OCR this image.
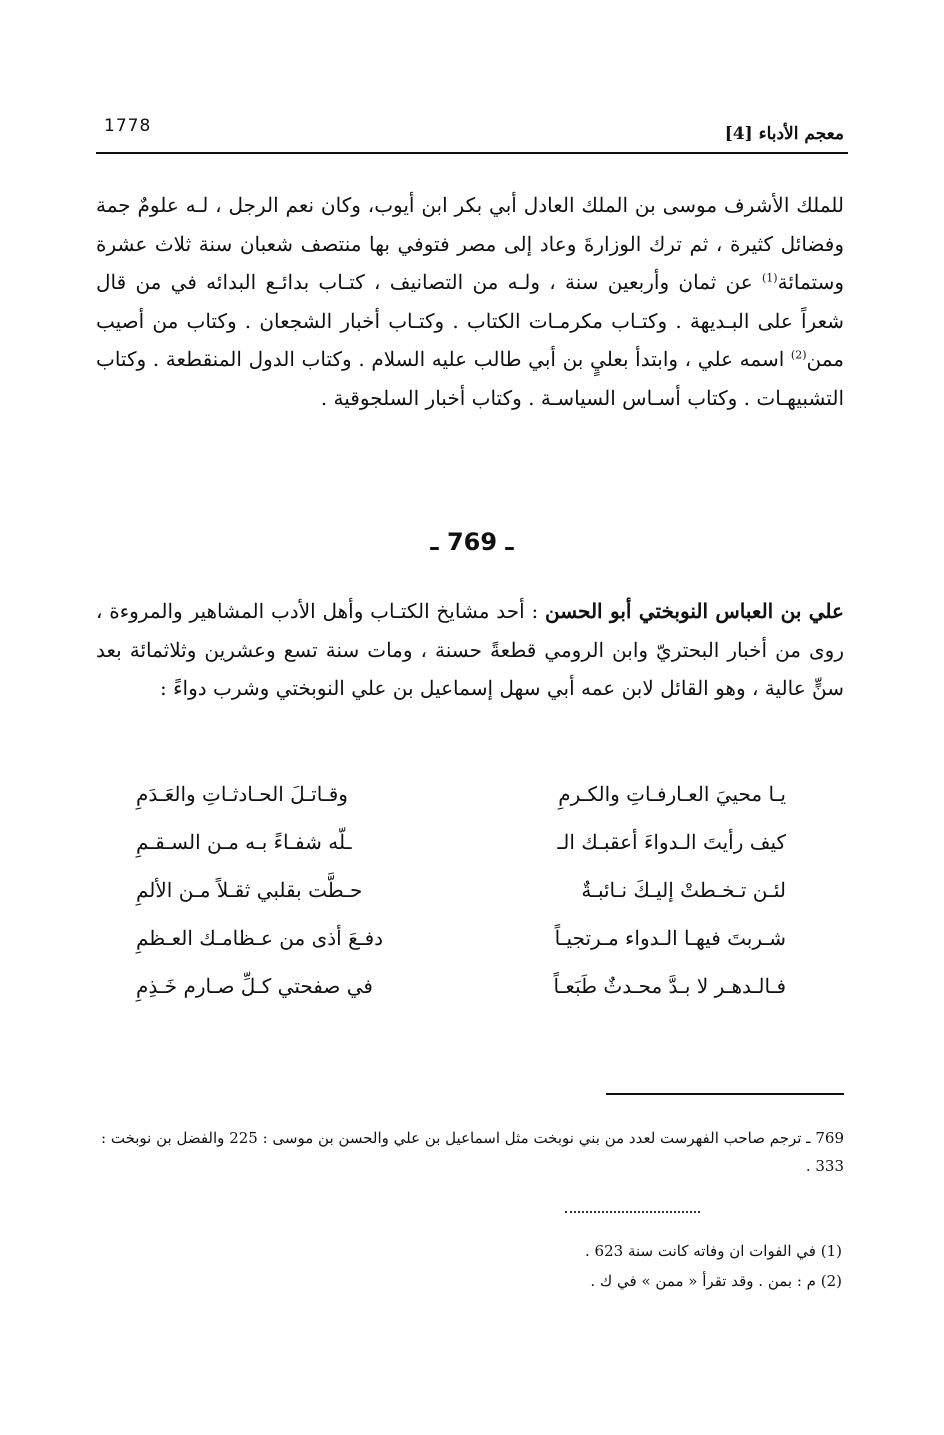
1778	معجم الأدباء [4]

للملك الأشرف موسى بن الملك العادل أبي بكر ابن أيوب، وكان نعم الرجل ، لـه علومٌ جمة وفضائل كثيرة ، ثم ترك الوزارةَ وعاد إلى مصر فتوفي بها منتصف شعبان سنة ثلاث عشرة وستمائة$^{(1)}$ عن ثمان وأربعين سنة ، ولـه من التصانيف ، كتـاب بدائـع البدائه في من قال شعراً على البـديهة . وكتـاب مكرمـات الكتاب . وكتـاب أخبار الشجعان . وكتاب من أصيب ممن$^{(2)}$ اسمه علي ، وابتدأ بعليٍ بن أبي طالب عليه السلام . وكتاب الدول المنقطعة . وكتاب التشبيهـات . وكتاب أسـاس السياسـة . وكتاب أخبار السلجوقية .

ـ 769 ـ

علي بن العباس النوبختي أبو الحسن : أحد مشايخ الكتـاب وأهل الأدب المشاهير والمروءة ، روى من أخبار البحتريّ وابن الرومي قطعةً حسنة ، ومات سنة تسع وعشرين وثلاثمائة بعد سنٍّ عالية ، وهو القائل لابن عمه أبي سهل إسماعيل بن علي النوبختي وشرب دواءً :

يـا محييَ العـارفـاتِ والكـرمِ
وقـاتـلَ الحـادثـاتِ والعَـدَمِ
كيف رأيتَ الـدواءَ أعقبـك الـ
ـلّه شفـاءً بـه مـن السـقـمِ
لئـن تـخـطتْ إليـكَ نـائبـةٌ
حـطَّت بقلبي ثقـلاً مـن الألمِ
شـربتَ فيهـا الـدواء مـرتجيـاً
دفـعَ أذى من عـظامـك العـظمِ
فـالـدهـر لا بـدَّ محـدثٌ طَبَعـاً
في صفحتي كـلِّ صـارم خَـذِمِ

769 ـ ترجم صاحب الفهرست لعدد من بني نوبخت مثل اسماعيل بن علي والحسن بن موسى : 225 والفضل بن نوبخت : 333 .

(1) في الفوات ان وفاته كانت سنة 623 .
(2) م : بمن . وقد تقرأ « ممن » في ك .
